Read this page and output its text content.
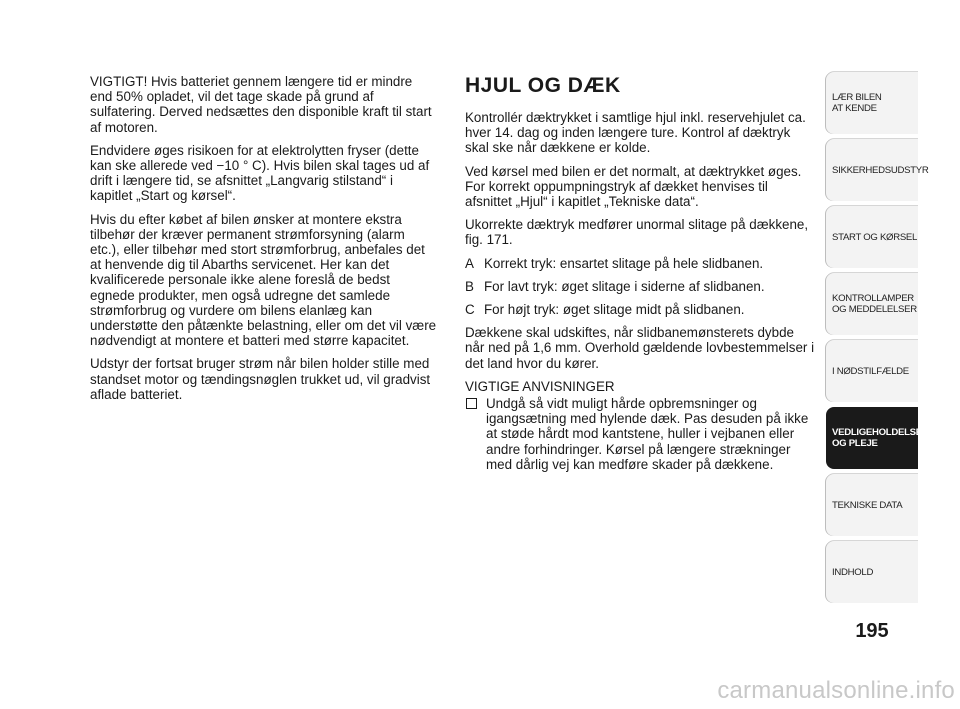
VIGTIGT! Hvis batteriet gennem længere tid er mindre end 50% opladet, vil det tage skade på grund af sulfatering. Derved nedsættes den disponible kraft til start af motoren.

Endvidere øges risikoen for at elektrolytten fryser (dette kan ske allerede ved −10 ° C). Hvis bilen skal tages ud af drift i længere tid, se afsnittet „Langvarig stilstand“ i kapitlet „Start og kørsel“.

Hvis du efter købet af bilen ønsker at montere ekstra tilbehør der kræver permanent strømforsyning (alarm etc.), eller tilbehør med stort strømforbrug, anbefales det at henvende dig til Abarths servicenet. Her kan det kvalificerede personale ikke alene foreslå de bedst egnede produkter, men også udregne det samlede strømforbrug og vurdere om bilens elanlæg kan understøtte den påtænkte belastning, eller om det vil være nødvendigt at montere et batteri med større kapacitet.

Udstyr der fortsat bruger strøm når bilen holder stille med standset motor og tændingsnøglen trukket ud, vil gradvist aflade batteriet.

HJUL OG DÆK

Kontrollér dæktrykket i samtlige hjul inkl. reservehjulet ca. hver 14. dag og inden længere ture. Kontrol af dæktryk skal ske når dækkene er kolde.

Ved kørsel med bilen er det normalt, at dæktrykket øges. For korrekt oppumpningstryk af dækket henvises til afsnittet „Hjul“ i kapitlet „Tekniske data“.

Ukorrekte dæktryk medfører unormal slitage på dækkene, fig. 171.

A Korrekt tryk: ensartet slitage på hele slidbanen.
B For lavt tryk: øget slitage i siderne af slidbanen.
C For højt tryk: øget slitage midt på slidbanen.

Dækkene skal udskiftes, når slidbanemønsterets dybde når ned på 1,6 mm. Overhold gældende lovbestemmelser i det land hvor du kører.

VIGTIGE ANVISNINGER

Undgå så vidt muligt hårde opbremsninger og igangsætning med hylende dæk. Pas desuden på ikke at støde hårdt mod kantstene, huller i vejbanen eller andre forhindringer. Kørsel på længere strækninger med dårlig vej kan medføre skader på dækkene.
LÆR BILEN
AT KENDE
SIKKERHEDSUDSTYR
START OG KØRSEL
KONTROLLAMPER
OG MEDDELELSER
I NØDSTILFÆLDE
VEDLIGEHOLDELSE
OG PLEJE
TEKNISKE DATA
INDHOLD
195
carmanualsonline.info
